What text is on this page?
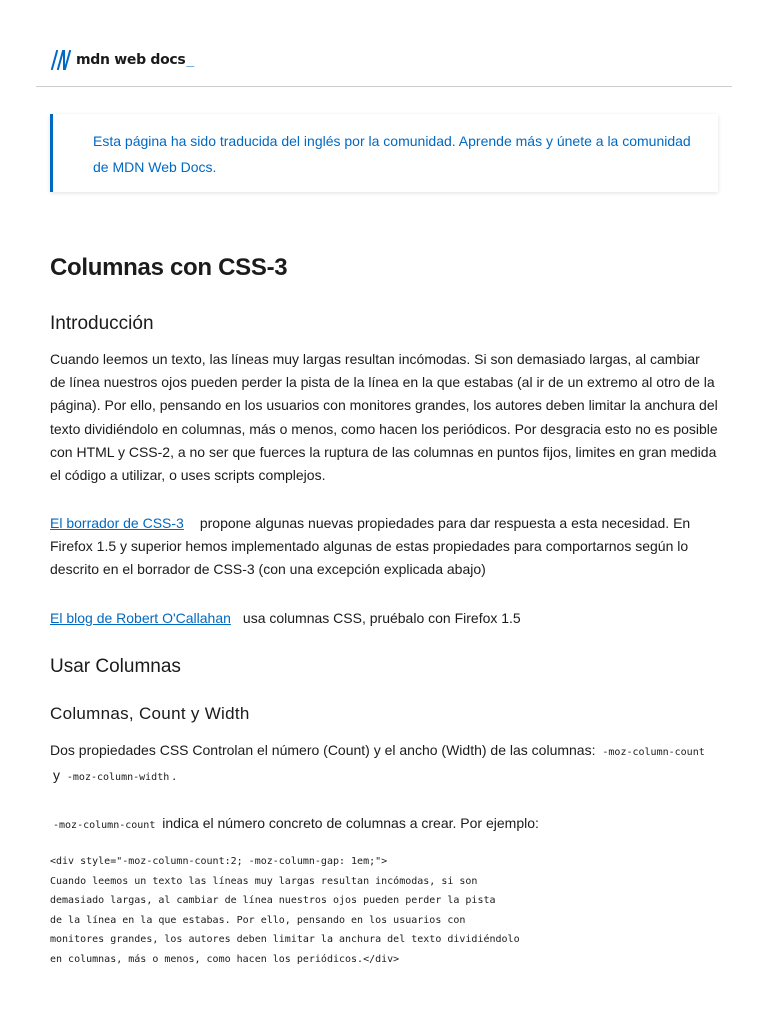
mdn web docs _
Esta página ha sido traducida del inglés por la comunidad. Aprende más y únete a la comunidad de MDN Web Docs.
Columnas con CSS-3
Introducción

Cuando leemos un texto, las líneas muy largas resultan incómodas. Si son demasiado largas, al cambiar de línea nuestros ojos pueden perder la pista de la línea en la que estabas (al ir de un extremo al otro de la página). Por ello, pensando en los usuarios con monitores grandes, los autores deben limitar la anchura del texto dividiéndolo en columnas, más o menos, como hacen los periódicos. Por desgracia esto no es posible con HTML y CSS-2, a no ser que fuerces la ruptura de las columnas en puntos fijos, limites en gran medida el código a utilizar, o uses scripts complejos.

El borrador de CSS-3 propone algunas nuevas propiedades para dar respuesta a esta necesidad. En Firefox 1.5 y superior hemos implementado algunas de estas propiedades para comportarnos según lo descrito en el borrador de CSS-3 (con una excepción explicada abajo)

El blog de Robert O'Callahan usa columnas CSS, pruébalo con Firefox 1.5

Usar Columnas
Columnas, Count y Width

Dos propiedades CSS Controlan el número (Count) y el ancho (Width) de las columnas: -moz-column-count
y -moz-column-width .

-moz-column-count indica el número concreto de columnas a crear. Por ejemplo:

<div style="-moz-column-count:2; -moz-column-gap: 1em;">
Cuando leemos un texto las líneas muy largas resultan incómodas, si son
demasiado largas, al cambiar de línea nuestros ojos pueden perder la pista
de la línea en la que estabas. Por ello, pensando en los usuarios con
monitores grandes, los autores deben limitar la anchura del texto dividiéndolo
en columnas, más o menos, como hacen los periódicos.</div>
